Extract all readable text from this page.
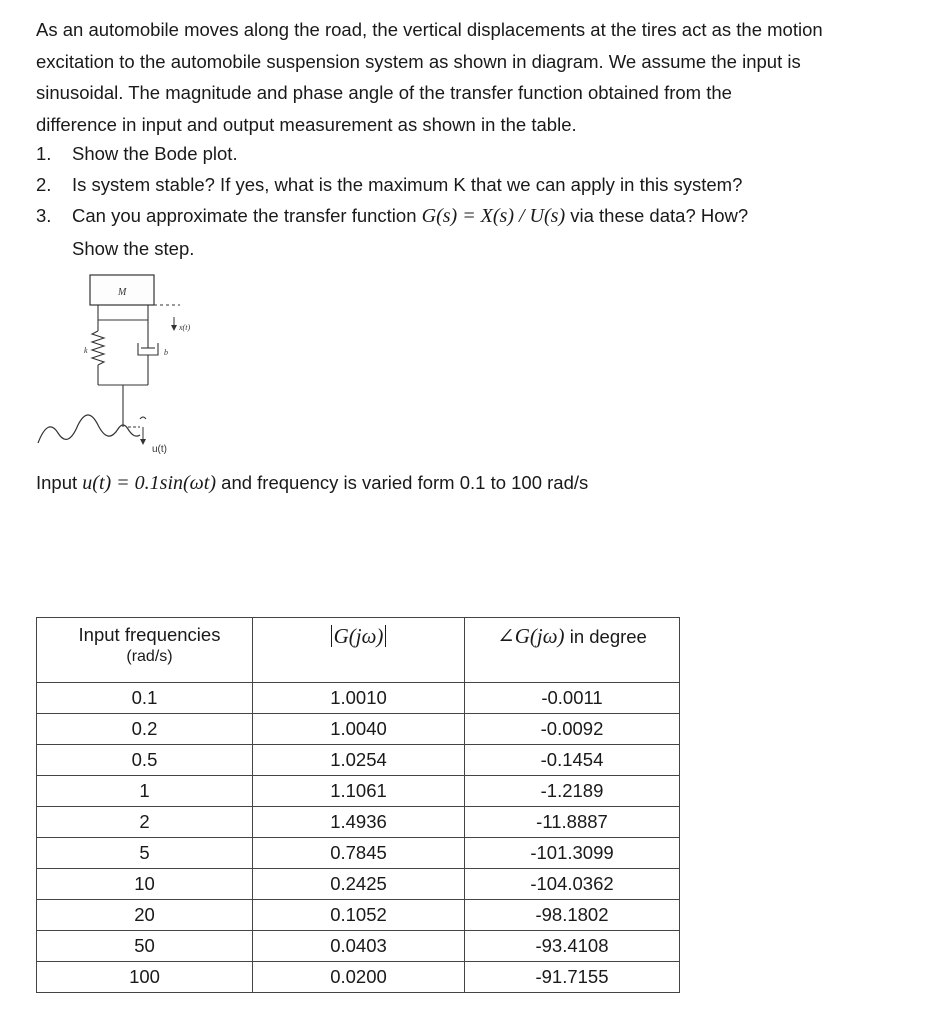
As an automobile moves along the road, the vertical displacements at the tires act as the motion
excitation to the automobile suspension system as shown in diagram. We assume the input is
sinusoidal. The magnitude and phase angle of the transfer function obtained from the
difference in input and output measurement as shown in the table.
1. Show the Bode plot.
2. Is system stable? If yes, what is the maximum K that we can apply in this system?
3. Can you approximate the transfer function G(s) = X(s) / U(s) via these data? How?
Show the step.
M
x(t)
k	b
u(t)
Input u(t) = 0.1sin(ωt) and frequency is varied form 0.1 to 100 rad/s
Input frequencies
(rad/s)	G(jω)	∠G(jω) in degree
0.1	1.0010	-0.0011
0.2	1.0040	-0.0092
0.5	1.0254	-0.1454
1	1.1061	-1.2189
2	1.4936	-11.8887
5	0.7845	-101.3099
10	0.2425	-104.0362
20	0.1052	-98.1802
50	0.0403	-93.4108
100	0.0200	-91.7155
